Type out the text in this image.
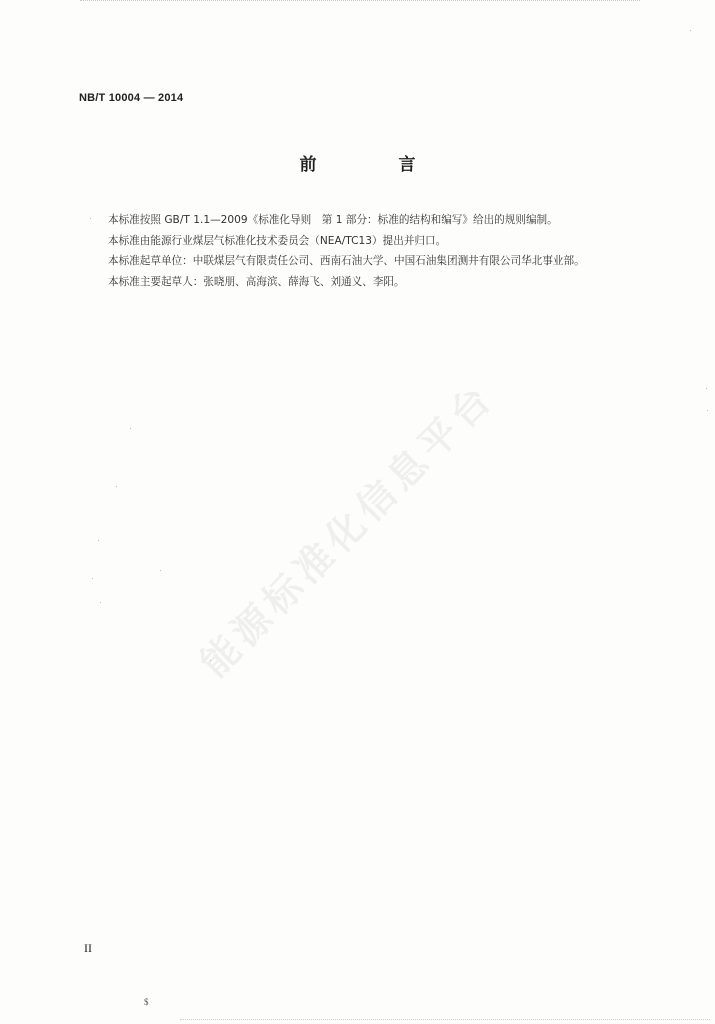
NB/T 10004 — 2014
前 言

本标准按照 GB/T 1.1—2009《标准化导则　第 1 部分：标准的结构和编写》给出的规则编制。

本标准由能源行业煤层气标准化技术委员会（NEA/TC13）提出并归口。

本标准起草单位：中联煤层气有限责任公司、西南石油大学、中国石油集团测井有限公司华北事业部。

本标准主要起草人：张晓朋、高海滨、薛海飞、刘通义、李阳。

能源标准化信息平台
II
$
